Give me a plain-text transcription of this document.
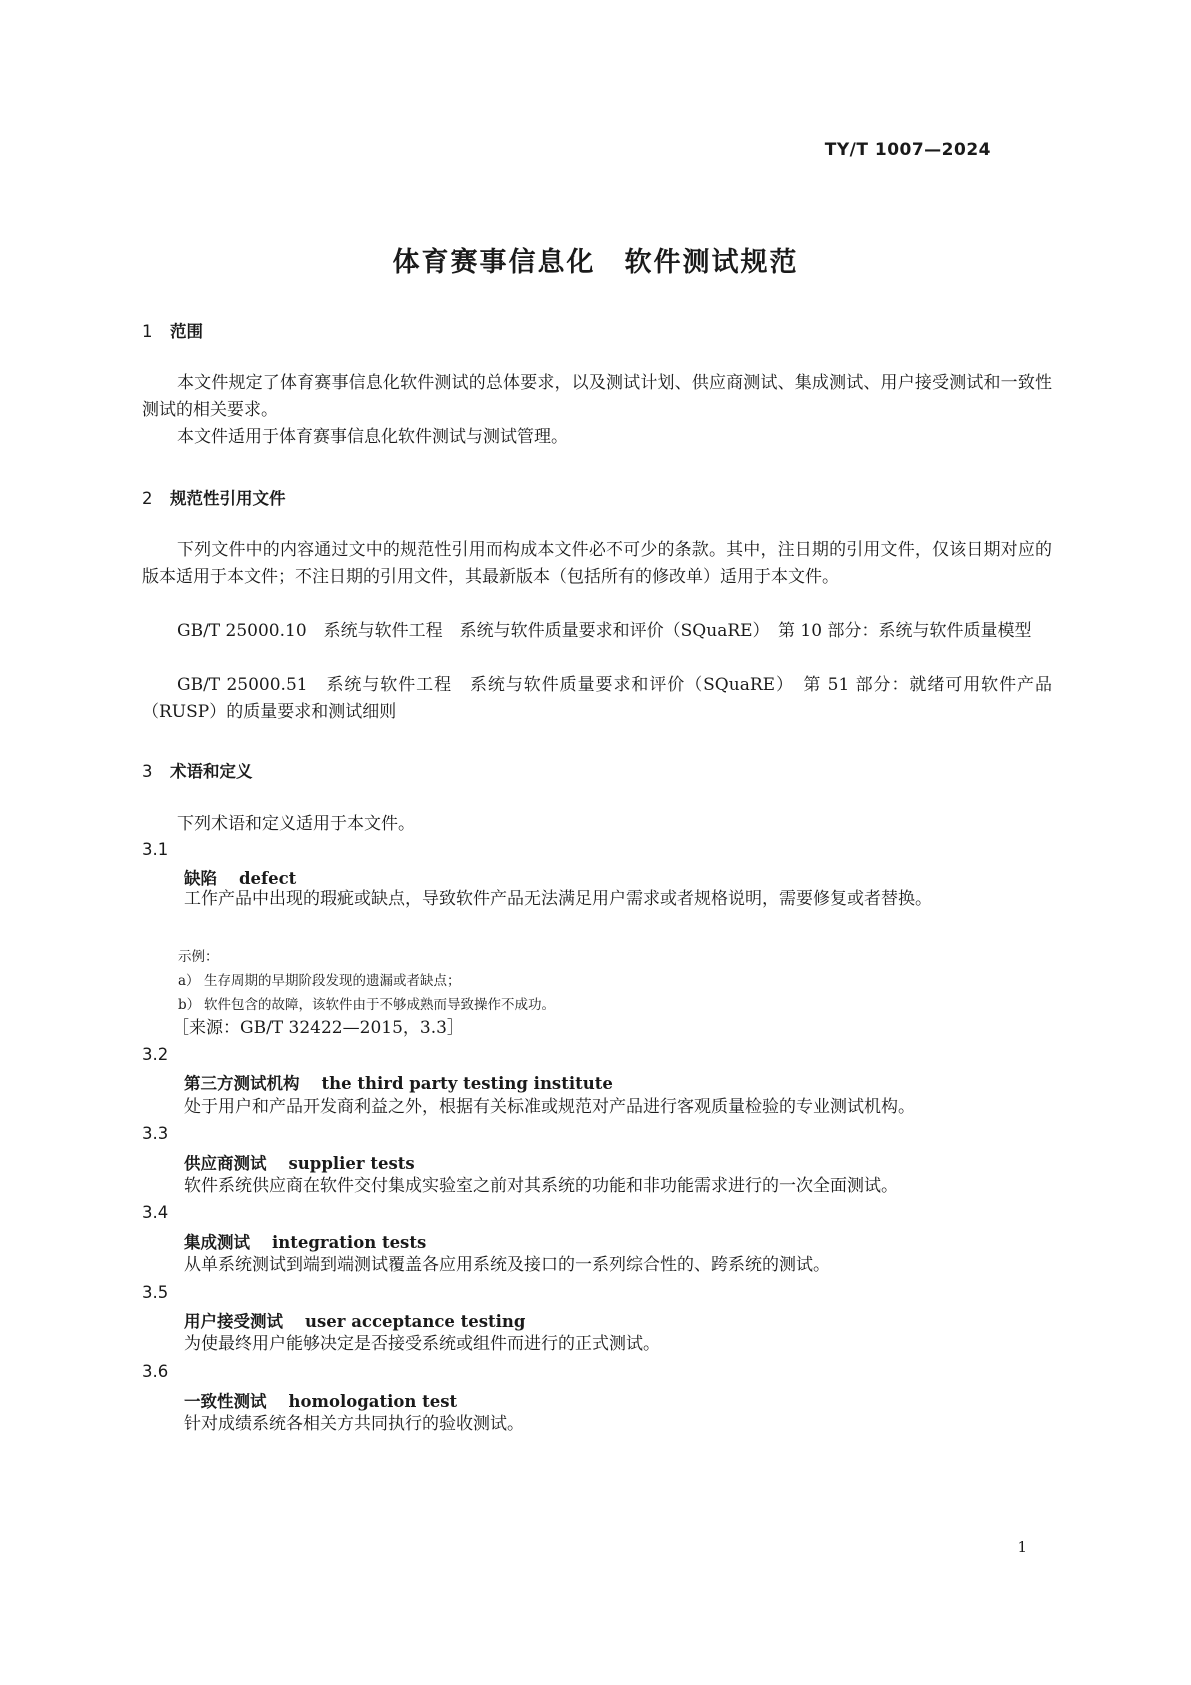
TY/T 1007—2024
体育赛事信息化　软件测试规范
1 范围
本文件规定了体育赛事信息化软件测试的总体要求，以及测试计划、供应商测试、集成测试、用户接受测试和一致性测试的相关要求。
本文件适用于体育赛事信息化软件测试与测试管理。
2 规范性引用文件
下列文件中的内容通过文中的规范性引用而构成本文件必不可少的条款。其中，注日期的引用文件，仅该日期对应的版本适用于本文件；不注日期的引用文件，其最新版本（包括所有的修改单）适用于本文件。
GB/T 25000.10　系统与软件工程　系统与软件质量要求和评价（SQuaRE）　第 10 部分：系统与软件质量模型
GB/T 25000.51　系统与软件工程　系统与软件质量要求和评价（SQuaRE）　第 51 部分：就绪可用软件产品（RUSP）的质量要求和测试细则
3 术语和定义
下列术语和定义适用于本文件。
3.1
缺陷 defect
工作产品中出现的瑕疵或缺点，导致软件产品无法满足用户需求或者规格说明，需要修复或者替换。
示例：
a） 生存周期的早期阶段发现的遗漏或者缺点；
b） 软件包含的故障，该软件由于不够成熟而导致操作不成功。
［来源：GB/T 32422—2015，3.3］
3.2
第三方测试机构 the third party testing institute
处于用户和产品开发商利益之外，根据有关标准或规范对产品进行客观质量检验的专业测试机构。
3.3
供应商测试 supplier tests
软件系统供应商在软件交付集成实验室之前对其系统的功能和非功能需求进行的一次全面测试。
3.4
集成测试 integration tests
从单系统测试到端到端测试覆盖各应用系统及接口的一系列综合性的、跨系统的测试。
3.5
用户接受测试 user acceptance testing
为使最终用户能够决定是否接受系统或组件而进行的正式测试。
3.6
一致性测试 homologation test
针对成绩系统各相关方共同执行的验收测试。
1
